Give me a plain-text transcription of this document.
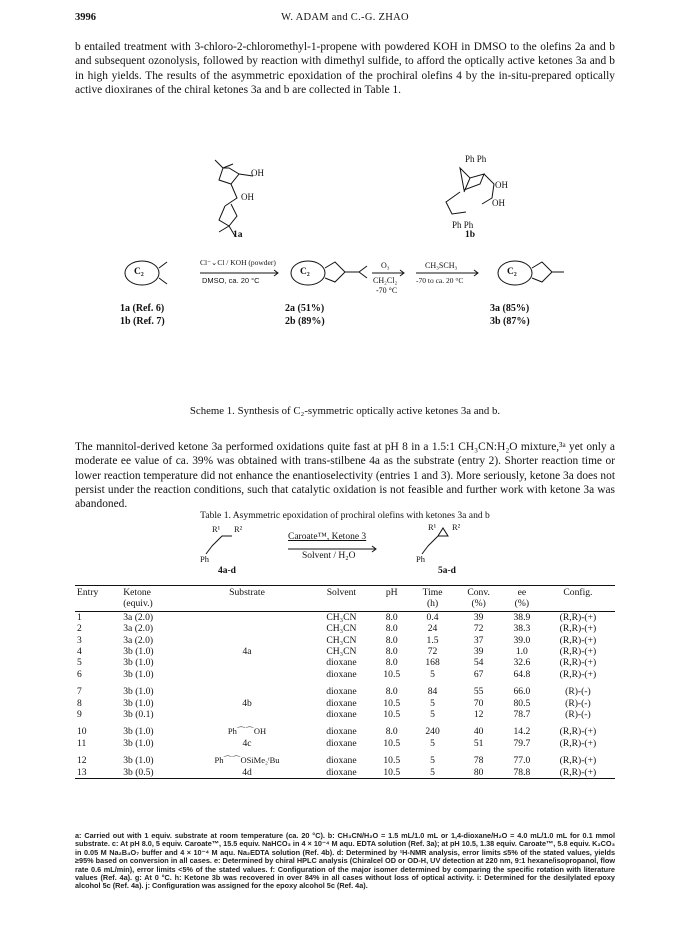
3996	W. ADAM and C.-G. ZHAO

b entailed treatment with 3-chloro-2-chloromethyl-1-propene with powdered KOH in DMSO to the olefins 2a and b and subsequent ozonolysis, followed by reaction with dimethyl sulfide, to afford the optically active ketones 3a and b in high yields. The results of the asymmetric epoxidation of the prochiral olefins 4 by the in-situ-prepared optically active dioxiranes of the chiral ketones 3a and b are collected in Table 1.

OH
OH
Ph Ph
OH
OH
Ph Ph
1a	1b
C₂	C₂	C₂
Cl⁻⌄Cl / KOH (powder)
DMSO, ca. 20 °C
O₃
CH₂Cl₂
-70 °C
CH₃SCH₃
-70 to ca. 20 °C
1a (Ref. 6)	2a (51%)	3a (85%)
1b (Ref. 7)	2b (89%)	3b (87%)

Scheme 1. Synthesis of C₂-symmetric optically active ketones 3a and b.

The mannitol-derived ketone 3a performed oxidations quite fast at pH 8 in a 1.5:1 CH₃CN:H₂O mixture,³ᵃ yet only a moderate ee value of ca. 39% was obtained with trans-stilbene 4a as the substrate (entry 2). Shorter reaction time or lower reaction temperature did not enhance the enantioselectivity (entries 1 and 3). More seriously, ketone 3a does not persist under the reaction conditions, such that catalytic oxidation is not feasible and further work with ketone 3a was abandoned.

Table 1. Asymmetric epoxidation of prochiral olefins with ketones 3a and b

R¹ R²
Ph
R¹ R²
Ph
Caroate™, Ketone 3
Solvent / H₂O
4a-d	5a-d
Entry	Ketone	Substrate	Solvent	pH	Time	Conv.	ee	Config.
	(equiv.)				(h)	(%)	(%)	
1	3a (2.0)		CH₃CN	8.0	0.4	39	38.9	(R,R)-(+)
2	3a (2.0)		CH₃CN	8.0	24	72	38.3	(R,R)-(+)
3	3a (2.0)		CH₃CN	8.0	1.5	37	39.0	(R,R)-(+)
4	3b (1.0)	4a	CH₃CN	8.0	72	39	1.0	(R,R)-(+)
5	3b (1.0)		dioxane	8.0	168	54	32.6	(R,R)-(+)
6	3b (1.0)		dioxane	10.5	5	67	64.8	(R,R)-(+)
7	3b (1.0)		dioxane	8.0	84	55	66.0	(R)-(-)
8	3b (1.0)	4b	dioxane	10.5	5	70	80.5	(R)-(-)
9	3b (0.1)		dioxane	10.5	5	12	78.7	(R)-(-)
10	3b (1.0)	Ph⌒⌒OH	dioxane	8.0	240	40	14.2	(R,R)-(+)
11	3b (1.0)	4c	dioxane	10.5	5	51	79.7	(R,R)-(+)
12	3b (1.0)	Ph⌒⌒OSiMe₂ᵗBu	dioxane	10.5	5	78	77.0	(R,R)-(+)
13	3b (0.5)	4d	dioxane	10.5	5	80	78.8	(R,R)-(+)

a: Carried out with 1 equiv. substrate at room temperature (ca. 20 °C). b: CH₃CN/H₂O = 1.5 mL/1.0 mL or 1,4-dioxane/H₂O = 4.0 mL/1.0 mL for 0.1 mmol substrate. c: At pH 8.0, 5 equiv. Caroate™, 15.5 equiv. NaHCO₃ in 4 × 10⁻⁴ M aqu. EDTA solution (Ref. 3a); at pH 10.5, 1.38 equiv. Caroate™, 5.8 equiv. K₂CO₃ in 0.05 M Na₂B₄O₇ buffer and 4 × 10⁻⁴ M aqu. Na₂EDTA solution (Ref. 4b). d: Determined by ¹H-NMR analysis, error limits ≤5% of the stated values, yields ≥95% based on conversion in all cases. e: Determined by chiral HPLC analysis (Chiralcel OD or OD-H, UV detection at 220 nm, 9:1 hexane/isopropanol, flow rate 0.6 mL/min), error limits <5% of the stated values. f: Configuration of the major isomer determined by comparing the specific rotation with literature values (Ref. 4a). g: At 0 °C. h: Ketone 3b was recovered in over 84% in all cases without loss of optical activity. i: Determined for the desilylated epoxy alcohol 5c (Ref. 4a). j: Configuration was assigned for the epoxy alcohol 5c (Ref. 4a).
